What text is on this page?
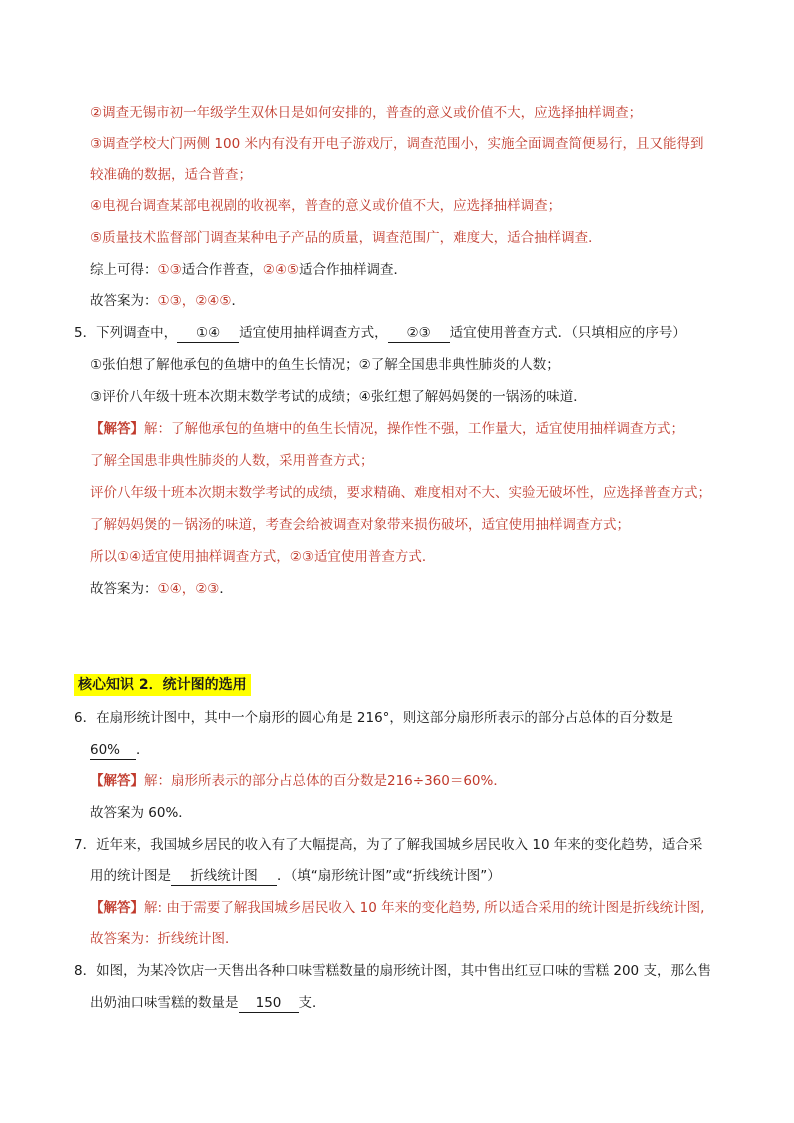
②调查无锡市初一年级学生双休日是如何安排的，普查的意义或价值不大，应选择抽样调查；
③调查学校大门两侧 100 米内有没有开电子游戏厅，调查范围小，实施全面调查简便易行，且又能得到
较准确的数据，适合普查；
④电视台调查某部电视剧的收视率，普查的意义或价值不大，应选择抽样调查；
⑤质量技术监督部门调查某种电子产品的质量，调查范围广，难度大，适合抽样调查．
综上可得：①③适合作普查，②④⑤适合作抽样调查．
故答案为：①③，②④⑤．
5．下列调查中， ①④ 适宜使用抽样调查方式， ②③ 适宜使用普查方式．（只填相应的序号）
①张伯想了解他承包的鱼塘中的鱼生长情况；②了解全国患非典性肺炎的人数；
③评价八年级十班本次期末数学考试的成绩；④张红想了解妈妈煲的一锅汤的味道．
【解答】解：了解他承包的鱼塘中的鱼生长情况，操作性不强，工作量大，适宜使用抽样调查方式；
了解全国患非典性肺炎的人数，采用普查方式；
评价八年级十班本次期末数学考试的成绩，要求精确、难度相对不大、实验无破坏性，应选择普查方式；
了解妈妈煲的－锅汤的味道，考查会给被调查对象带来损伤破坏，适宜使用抽样调查方式；
所以①④适宜使用抽样调查方式，②③适宜使用普查方式．
故答案为：①④，②③．
核心知识 2．统计图的选用
6．在扇形统计图中，其中一个扇形的圆心角是 216°，则这部分扇形所表示的部分占总体的百分数是
60% ．
【解答】解：扇形所表示的部分占总体的百分数是216÷360＝60%．
故答案为 60%．
7．近年来，我国城乡居民的收入有了大幅提高，为了了解我国城乡居民收入 10 年来的变化趋势，适合采
用的统计图是 折线统计图 ．（填“扇形统计图”或“折线统计图”）
【解答】解: 由于需要了解我国城乡居民收入 10 年来的变化趋势, 所以适合采用的统计图是折线统计图,
故答案为：折线统计图．
8．如图，为某冷饮店一天售出各种口味雪糕数量的扇形统计图，其中售出红豆口味的雪糕 200 支，那么售
出奶油口味雪糕的数量是 150 支．
